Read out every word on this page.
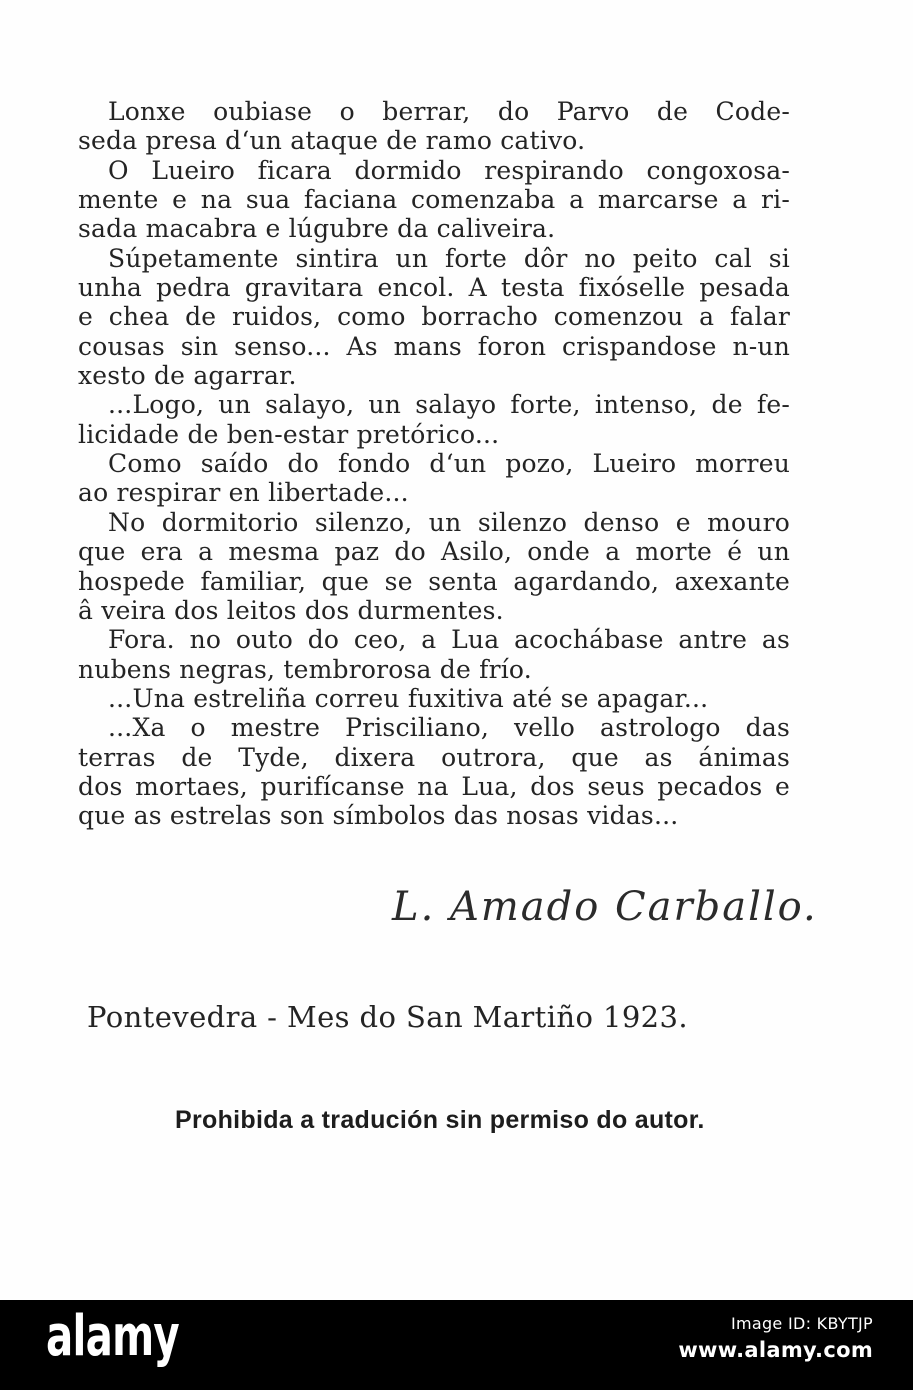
Lonxe oubiase o berrar, do Parvo de Code-
seda presa d‘un ataque de ramo cativo.
O Lueiro ficara dormido respirando congoxosa-
mente e na sua faciana comenzaba a marcarse a ri-
sada macabra e lúgubre da caliveira.
Súpetamente sintira un forte dôr no peito cal si
unha pedra gravitara encol. A testa fixóselle pesada
e chea de ruidos, como borracho comenzou a falar
cousas sin senso... As mans foron crispandose n-un
xesto de agarrar.
...Logo, un salayo, un salayo forte, intenso, de fe-
licidade de ben-estar pretórico...
Como saído do fondo d‘un pozo, Lueiro morreu
ao respirar en libertade...
No dormitorio silenzo, un silenzo denso e mouro
que era a mesma paz do Asilo, onde a morte é un
hospede familiar, que se senta agardando, axexante
â veira dos leitos dos durmentes.
Fora. no outo do ceo, a Lua acochábase antre as
nubens negras, tembrorosa de frío.
...Una estreliña correu fuxitiva até se apagar...
...Xa o mestre Prisciliano, vello astrologo das
terras de Tyde, dixera outrora, que as ánimas
dos mortaes, purifícanse na Lua, dos seus pecados e
que as estrelas son símbolos das nosas vidas...
L. Amado Carballo.
Pontevedra - Mes do San Martiño 1923.
Prohibida a tradución sin permiso do autor.
alamy	Image ID: KBYTJP
www.alamy.com
